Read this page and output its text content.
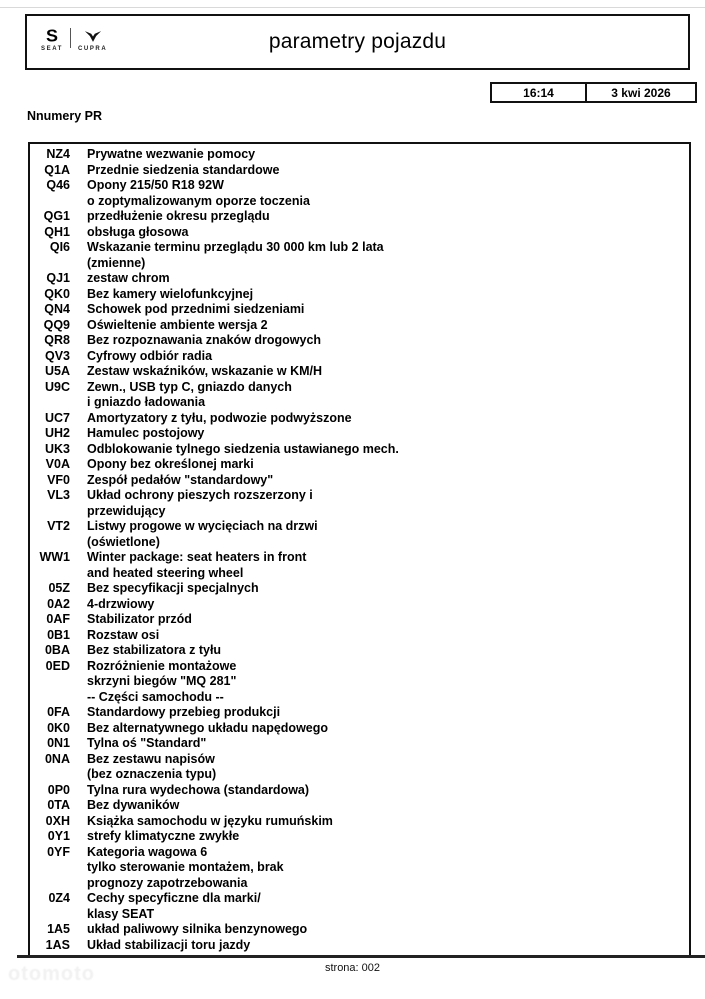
S
SEAT	CUPRA	parametry pojazdu
16:14	3 kwi 2026
Nnumery PR
NZ4 Prywatne wezwanie pomocy
Q1A Przednie siedzenia standardowe
Q46 Opony 215/50 R18 92W
o zoptymalizowanym oporze toczenia
QG1 przedłużenie okresu przeglądu
QH1 obsługa głosowa
QI6 Wskazanie terminu przeglądu 30 000 km lub 2 lata
(zmienne)
QJ1 zestaw chrom
QK0 Bez kamery wielofunkcyjnej
QN4 Schowek pod przednimi siedzeniami
QQ9 Oświeltenie ambiente wersja 2
QR8 Bez rozpoznawania znaków drogowych
QV3 Cyfrowy odbiór radia
U5A Zestaw wskaźników, wskazanie w KM/H
U9C Zewn., USB typ C, gniazdo danych
i gniazdo ładowania
UC7 Amortyzatory z tyłu, podwozie podwyższone
UH2 Hamulec postojowy
UK3 Odblokowanie tylnego siedzenia ustawianego mech.
V0A Opony bez określonej marki
VF0 Zespół pedałów "standardowy"
VL3 Układ ochrony pieszych rozszerzony i
przewidujący
VT2 Listwy progowe w wycięciach na drzwi
(oświetlone)
WW1 Winter package: seat heaters in front
and heated steering wheel
05Z Bez specyfikacji specjalnych
0A2 4-drzwiowy
0AF Stabilizator przód
0B1 Rozstaw osi
0BA Bez stabilizatora z tyłu
0ED Rozróżnienie montażowe
skrzyni biegów "MQ 281"
-- Części samochodu --
0FA Standardowy przebieg produkcji
0K0 Bez alternatywnego układu napędowego
0N1 Tylna oś "Standard"
0NA Bez zestawu napisów
(bez oznaczenia typu)
0P0 Tylna rura wydechowa (standardowa)
0TA Bez dywaników
0XH Książka samochodu w języku rumuńskim
0Y1 strefy klimatyczne zwykłe
0YF Kategoria wagowa 6
tylko sterowanie montażem, brak
prognozy zapotrzebowania
0Z4 Cechy specyficzne dla marki/
klasy SEAT
1A5 układ paliwowy silnika benzynowego
1AS Układ stabilizacji toru jazdy
strona: 002
otomoto
